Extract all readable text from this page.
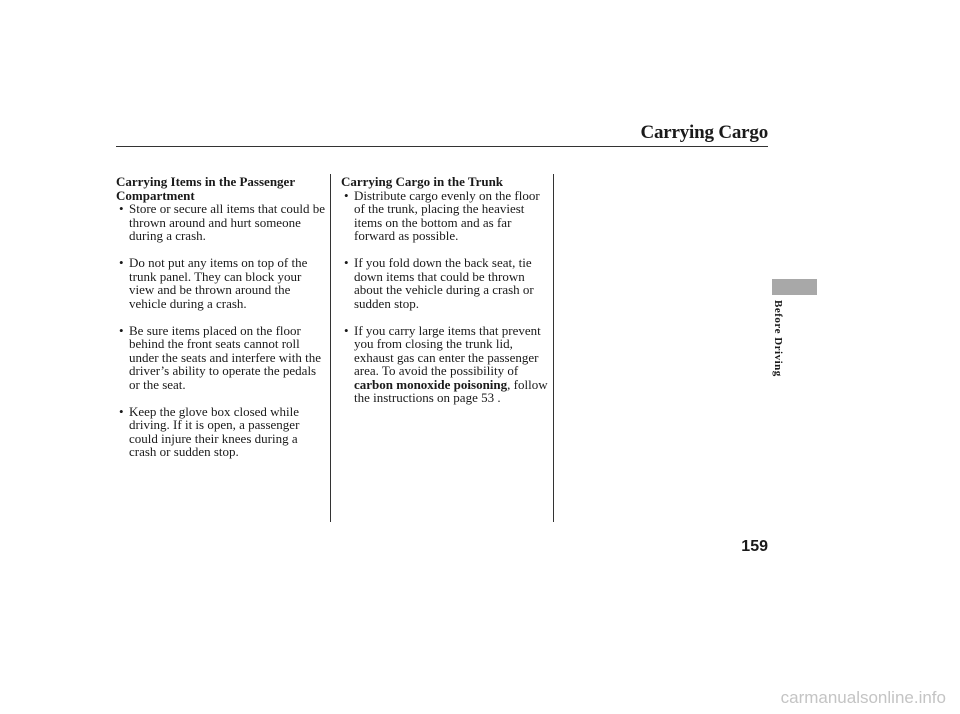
Carrying Cargo
Carrying Items in the Passenger Compartment
• Store or secure all items that could be thrown around and hurt someone during a crash.
• Do not put any items on top of the trunk panel. They can block your view and be thrown around the vehicle during a crash.
• Be sure items placed on the floor behind the front seats cannot roll under the seats and interfere with the driver’s ability to operate the pedals or the seat.
• Keep the glove box closed while driving. If it is open, a passenger could injure their knees during a crash or sudden stop.
Carrying Cargo in the Trunk
• Distribute cargo evenly on the floor of the trunk, placing the heaviest items on the bottom and as far forward as possible.
• If you fold down the back seat, tie down items that could be thrown about the vehicle during a crash or sudden stop.
• If you carry large items that prevent you from closing the trunk lid, exhaust gas can enter the passenger area. To avoid the possibility of carbon monoxide poisoning, follow the instructions on page 53 .
Before Driving
159
carmanualsonline.info
